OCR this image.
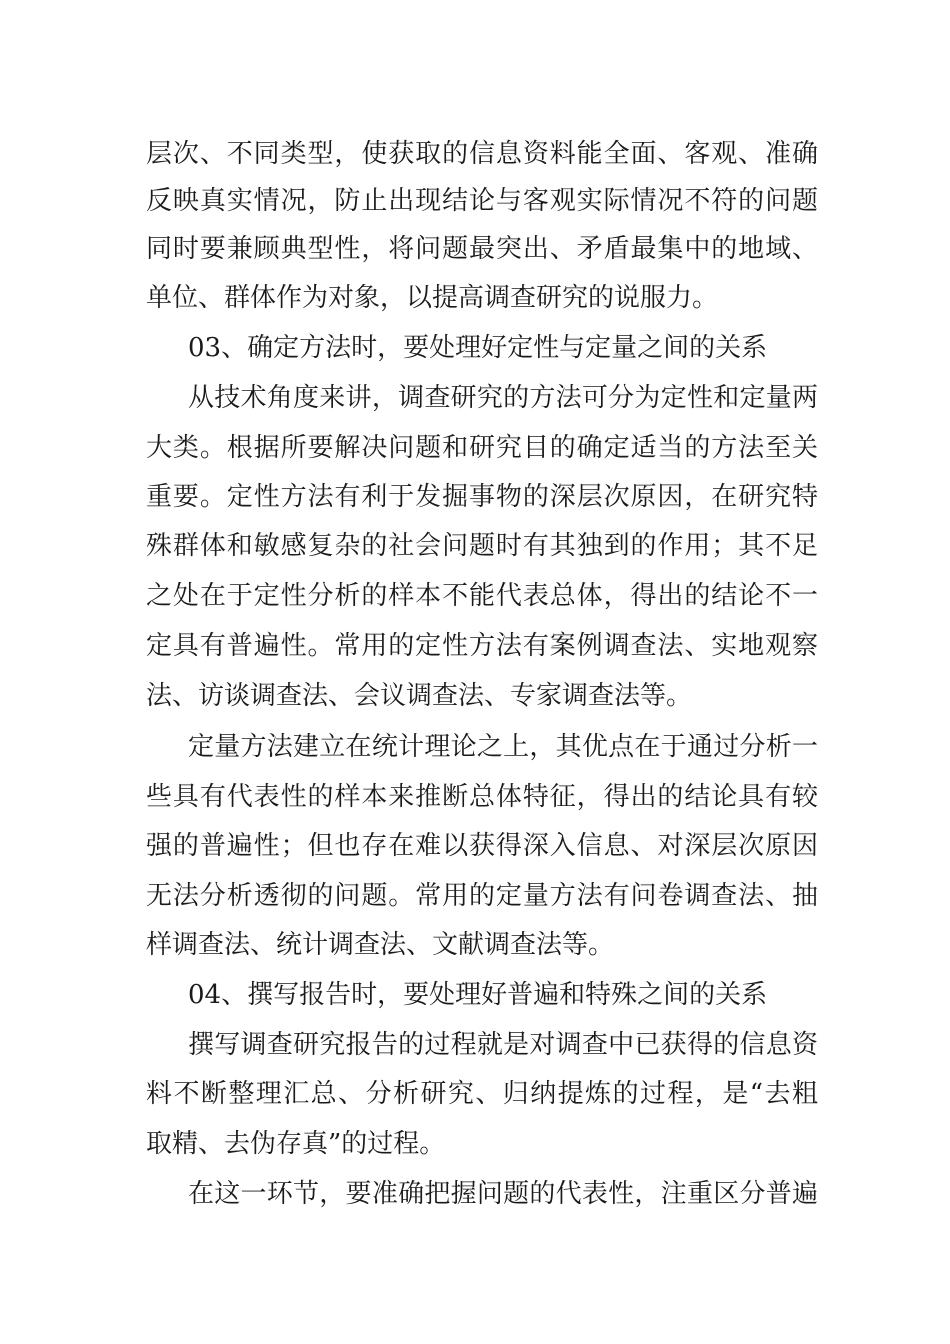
层次、不同类型，使获取的信息资料能全面、客观、准确
反映真实情况，防止出现结论与客观实际情况不符的问题
同时要兼顾典型性，将问题最突出、矛盾最集中的地域、
单位、群体作为对象，以提高调查研究的说服力。
03、确定方法时，要处理好定性与定量之间的关系
从技术角度来讲，调查研究的方法可分为定性和定量两
大类。根据所要解决问题和研究目的确定适当的方法至关
重要。定性方法有利于发掘事物的深层次原因，在研究特
殊群体和敏感复杂的社会问题时有其独到的作用；其不足
之处在于定性分析的样本不能代表总体，得出的结论不一
定具有普遍性。常用的定性方法有案例调查法、实地观察
法、访谈调查法、会议调查法、专家调查法等。
定量方法建立在统计理论之上，其优点在于通过分析一
些具有代表性的样本来推断总体特征，得出的结论具有较
强的普遍性；但也存在难以获得深入信息、对深层次原因
无法分析透彻的问题。常用的定量方法有问卷调查法、抽
样调查法、统计调查法、文献调查法等。
04、撰写报告时，要处理好普遍和特殊之间的关系
撰写调查研究报告的过程就是对调查中已获得的信息资
料不断整理汇总、分析研究、归纳提炼的过程，是“去粗
取精、去伪存真”的过程。
在这一环节，要准确把握问题的代表性，注重区分普遍
